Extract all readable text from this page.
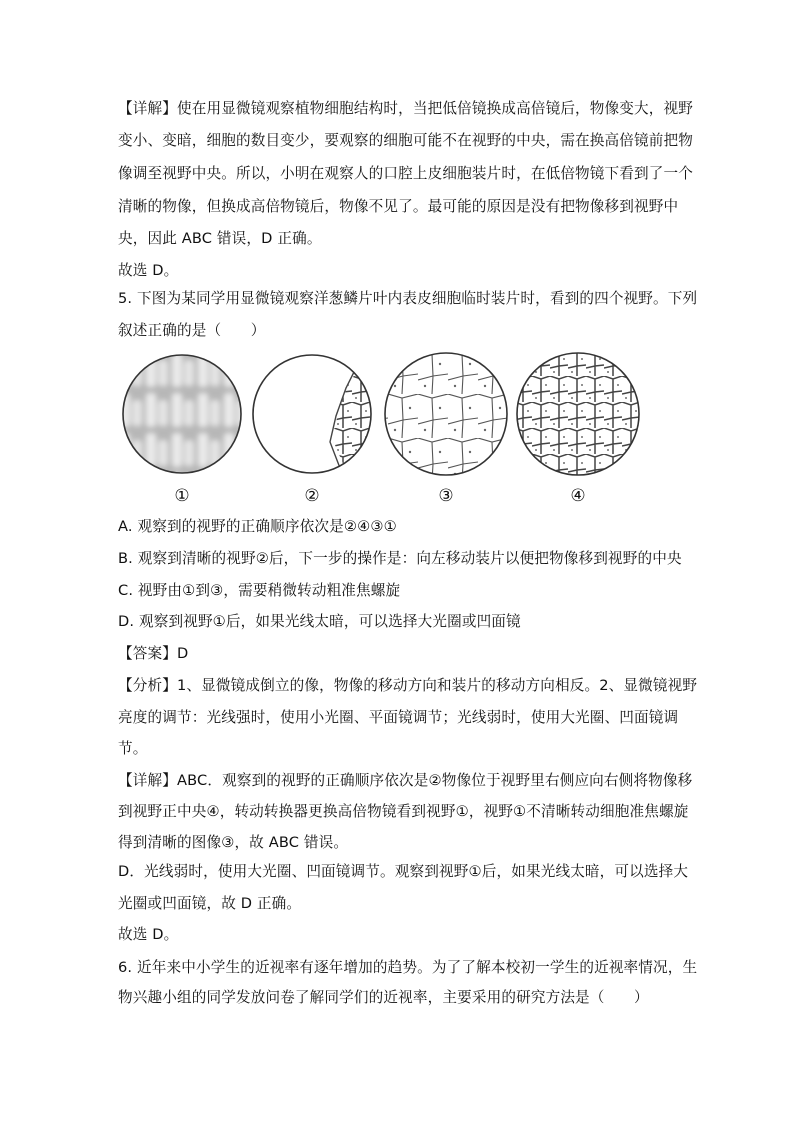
【详解】使在用显微镜观察植物细胞结构时，当把低倍镜换成高倍镜后，物像变大，视野
变小、变暗，细胞的数目变少，要观察的细胞可能不在视野的中央，需在换高倍镜前把物
像调至视野中央。所以，小明在观察人的口腔上皮细胞装片时，在低倍物镜下看到了一个
清晰的物像，但换成高倍物镜后，物像不见了。最可能的原因是没有把物像移到视野中
央，因此 ABC 错误，D 正确。
故选 D。
5. 下图为某同学用显微镜观察洋葱鳞片叶内表皮细胞临时装片时，看到的四个视野。下列
叙述正确的是（　　）
①	②	③	④
A. 观察到的视野的正确顺序依次是②④③①
B. 观察到清晰的视野②后，下一步的操作是：向左移动装片以便把物像移到视野的中央
C. 视野由①到③，需要稍微转动粗准焦螺旋
D. 观察到视野①后，如果光线太暗，可以选择大光圈或凹面镜
【答案】D
【分析】1、显微镜成倒立的像，物像的移动方向和装片的移动方向相反。2、显微镜视野
亮度的调节：光线强时，使用小光圈、平面镜调节；光线弱时，使用大光圈、凹面镜调
节。
【详解】ABC．观察到的视野的正确顺序依次是②物像位于视野里右侧应向右侧将物像移
到视野正中央④，转动转换器更换高倍物镜看到视野①，视野①不清晰转动细胞准焦螺旋
得到清晰的图像③，故 ABC 错误。
D．光线弱时，使用大光圈、凹面镜调节。观察到视野①后，如果光线太暗，可以选择大
光圈或凹面镜，故 D 正确。
故选 D。
6. 近年来中小学生的近视率有逐年增加的趋势。为了了解本校初一学生的近视率情况，生
物兴趣小组的同学发放问卷了解同学们的近视率，主要采用的研究方法是（　　）
